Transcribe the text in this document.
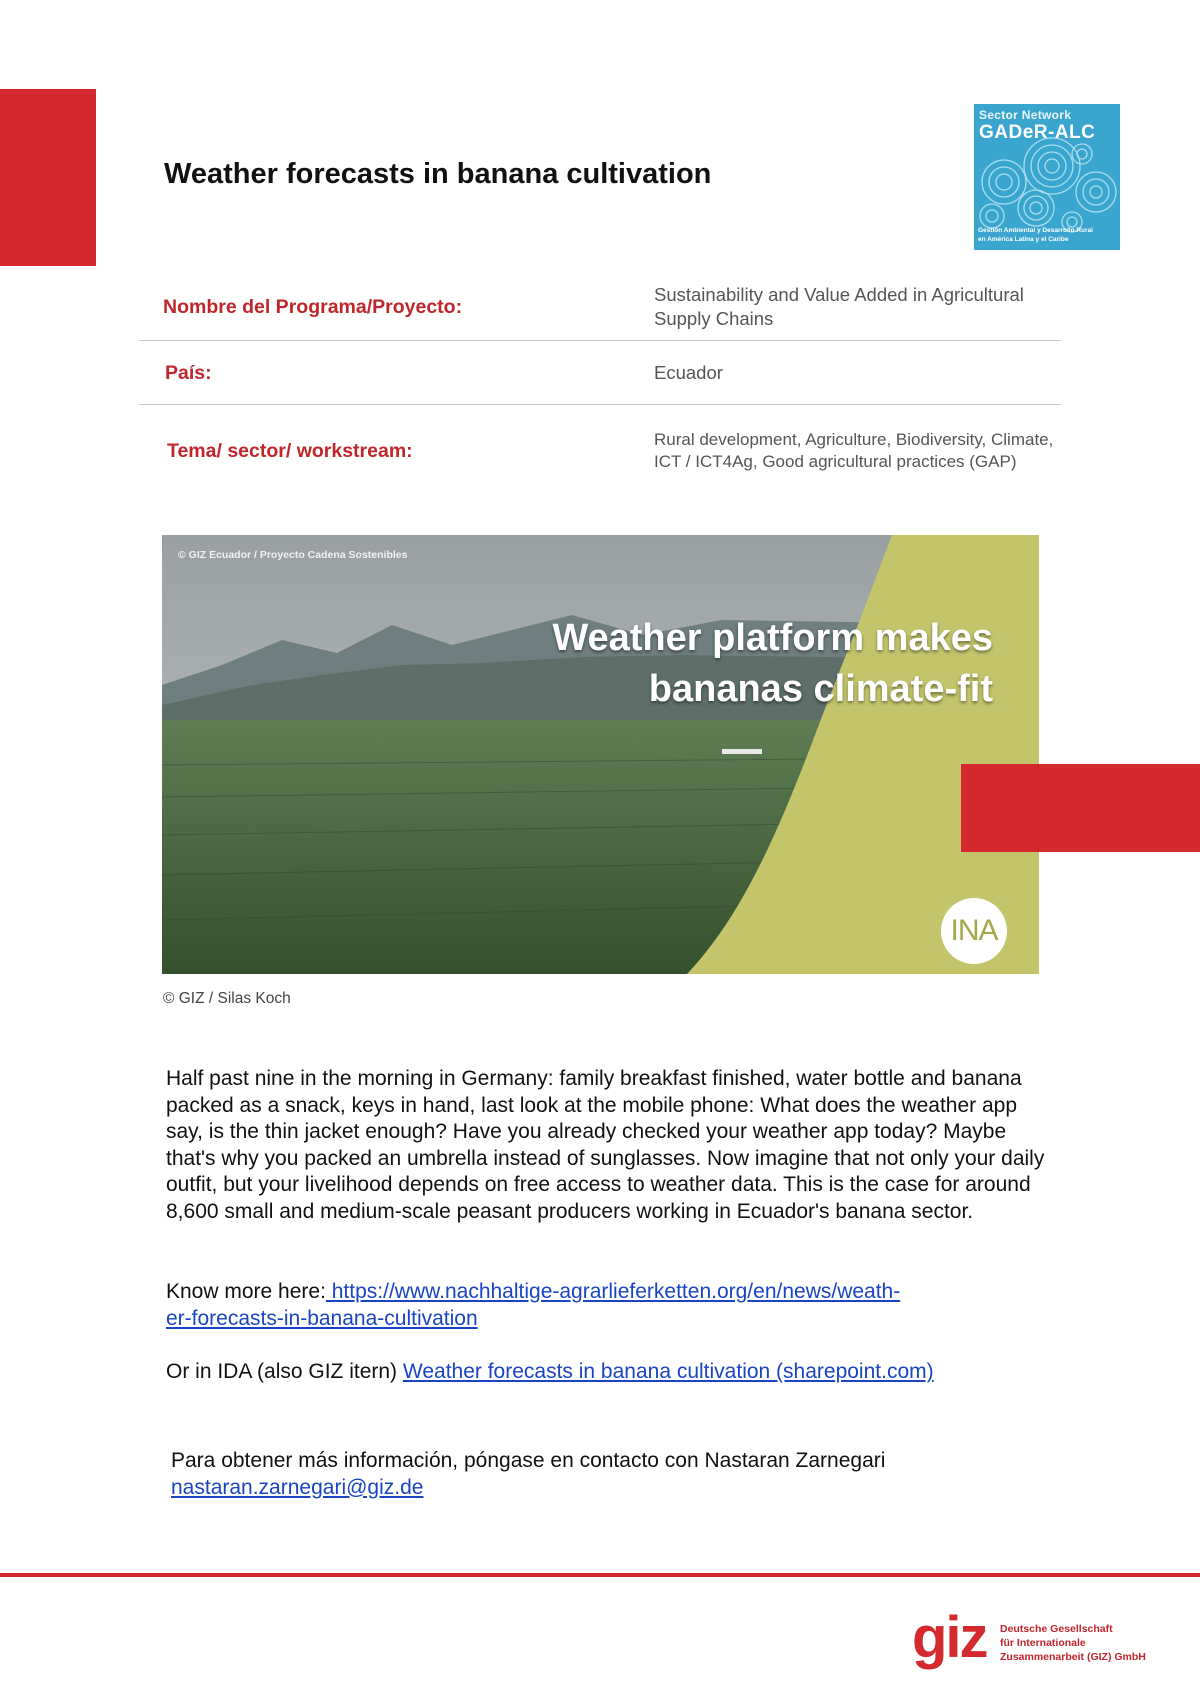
Weather forecasts in banana cultivation
Sector Network
GADeR-ALC
Gestión Ambiental y Desarrollo Rural
en América Latina y el Caribe
Nombre del Programa/Proyecto:
Sustainability and Value Added in Agricultural Supply Chains
País:	Ecuador
Tema/ sector/ workstream:	Rural development, Agriculture, Biodiversity, Climate, ICT / ICT4Ag, Good agricultural practices (GAP)
© GIZ Ecuador / Proyecto Cadena Sostenibles
Weather platform makes
bananas climate-fit
INA
© GIZ / Silas Koch

Half past nine in the morning in Germany: family breakfast finished, water bottle and banana packed as a snack, keys in hand, last look at the mobile phone: What does the weather app say, is the thin jacket enough? Have you already checked your weather app today? Maybe that's why you packed an umbrella instead of sunglasses. Now imagine that not only your daily outfit, but your livelihood depends on free access to weather data. This is the case for around 8,600 small and medium-scale peasant producers working in Ecuador's banana sector.

Know more here: https://www.nachhaltige-agrarlieferketten.org/en/news/weath-
er-forecasts-in-banana-cultivation

Or in IDA (also GIZ itern) Weather forecasts in banana cultivation (sharepoint.com)

Para obtener más información, póngase en contacto con Nastaran Zarnegari
nastaran.zarnegari@giz.de

giz Deutsche Gesellschaft
für Internationale
Zusammenarbeit (GIZ) GmbH
